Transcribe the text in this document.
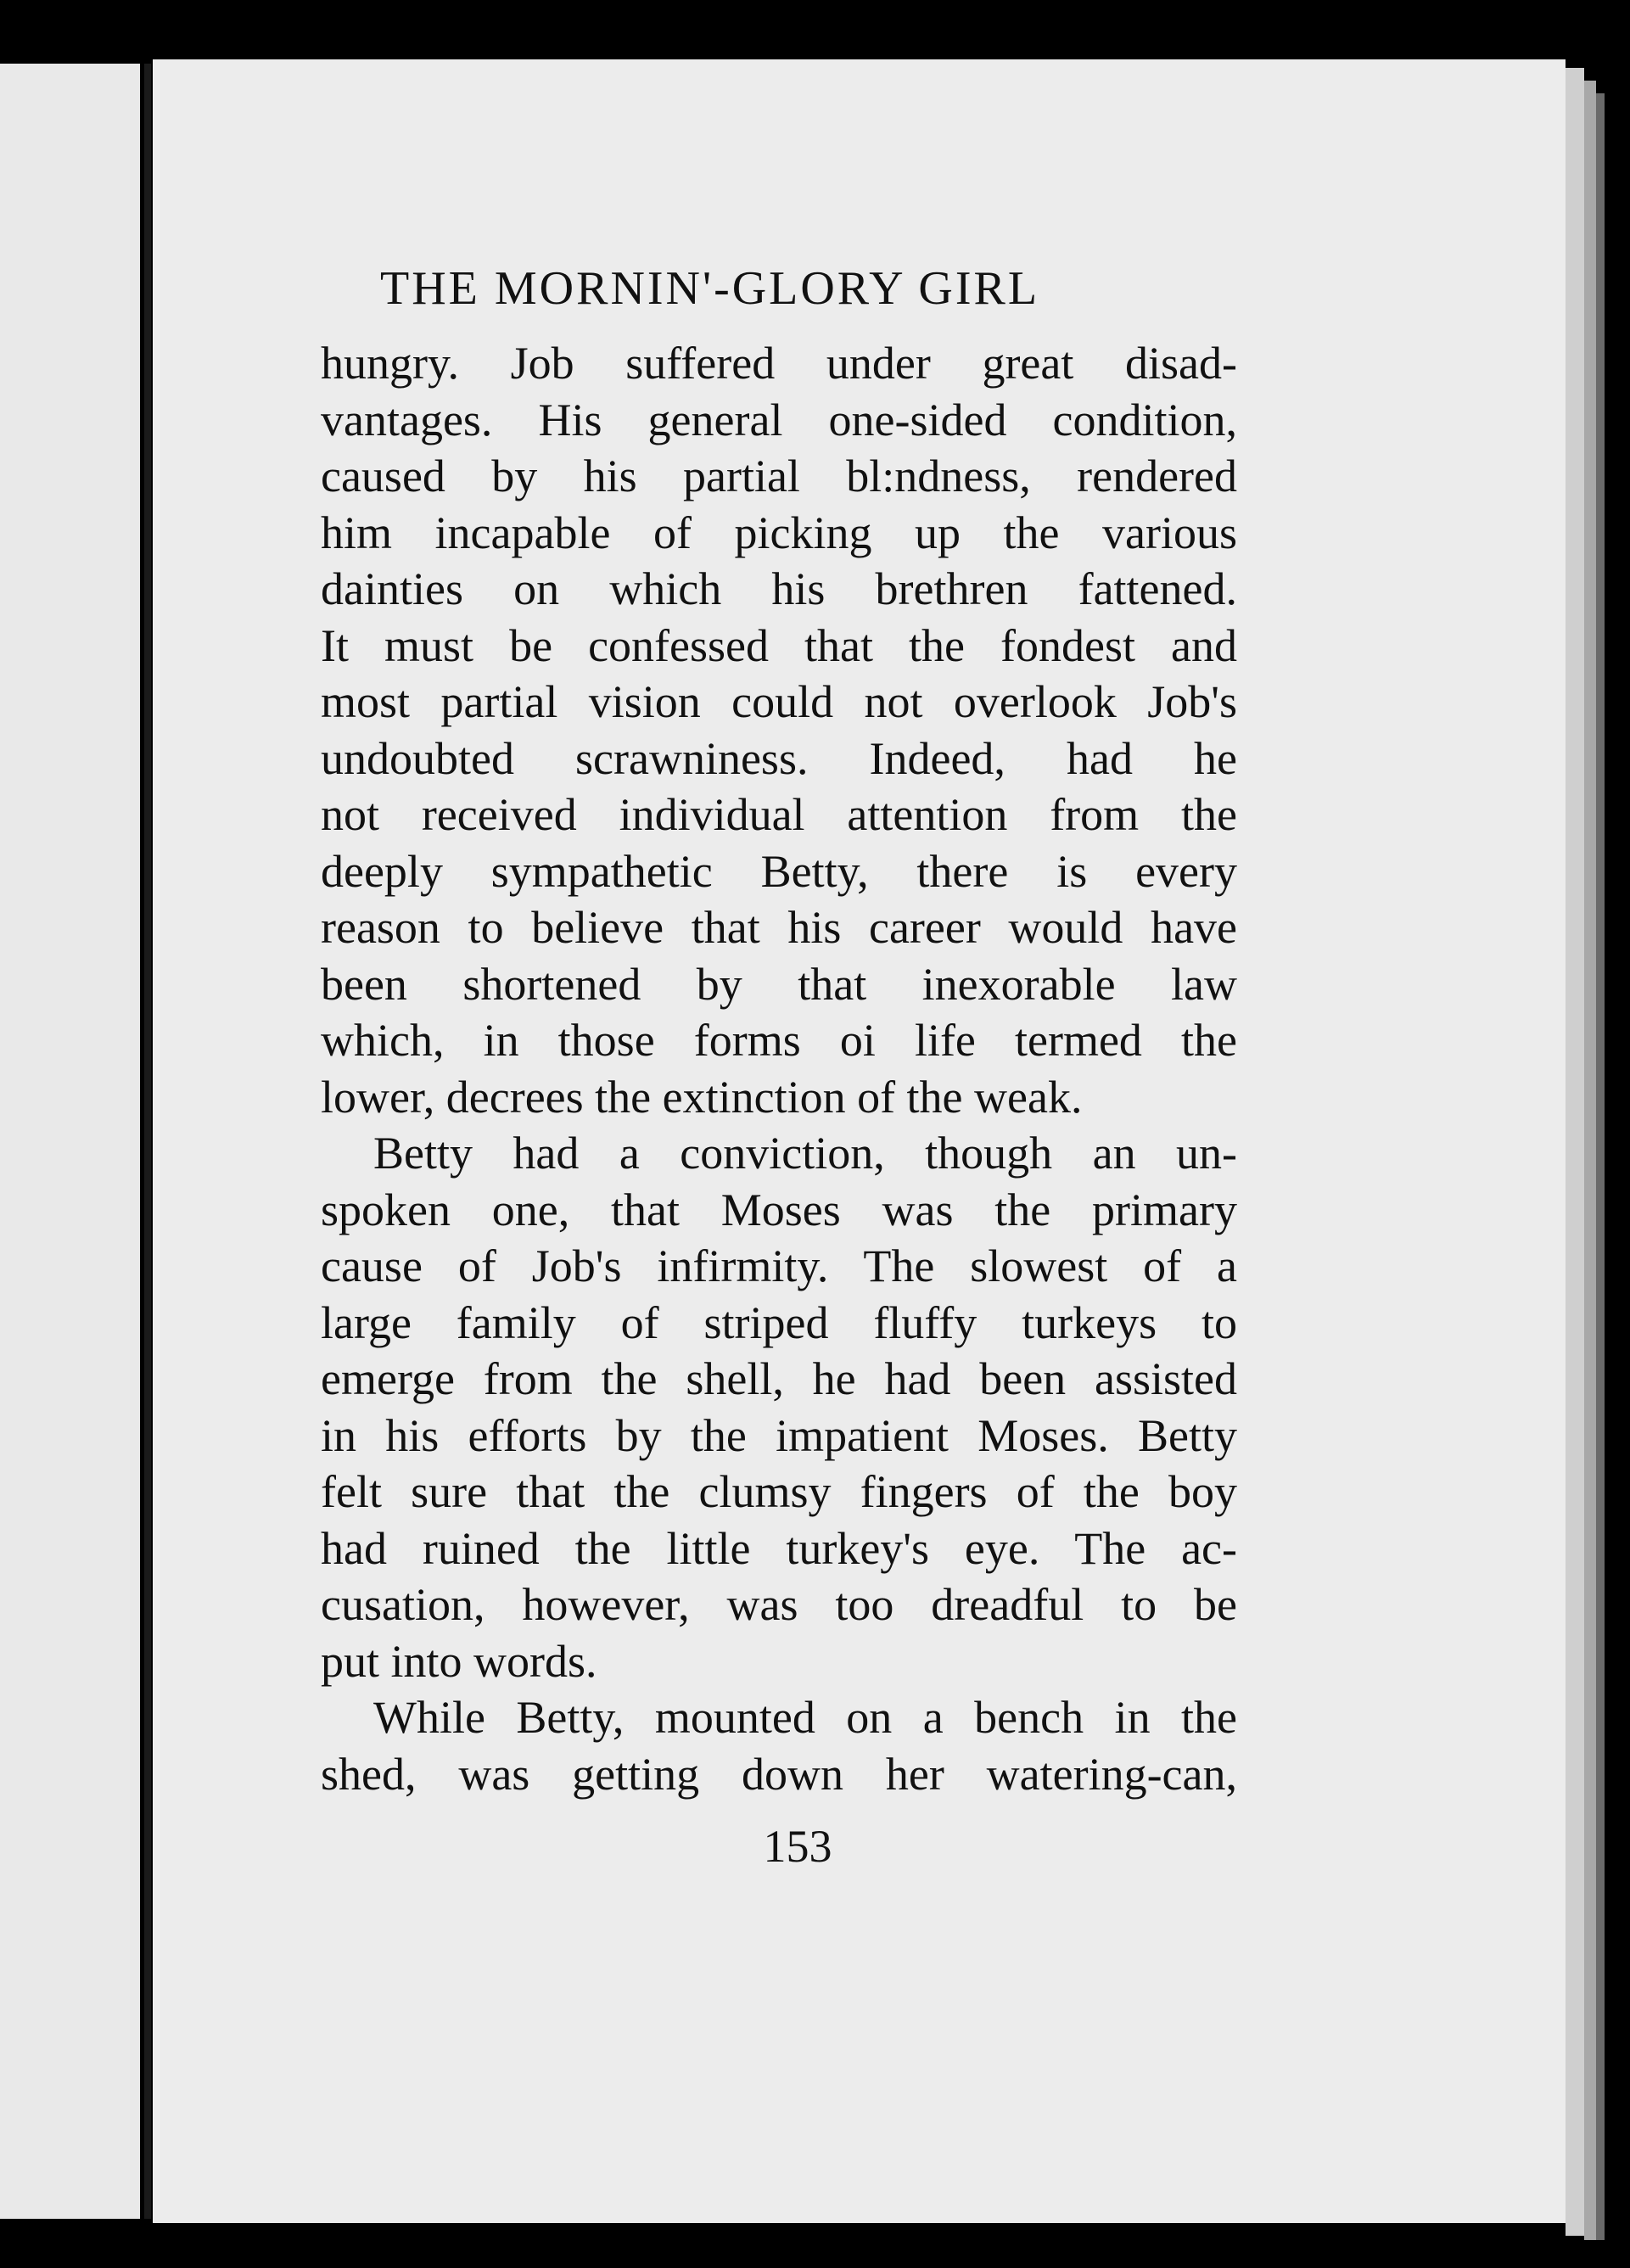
THE MORNIN'-GLORY GIRL
hungry. Job suffered under great disad-
vantages. His general one-sided condition,
caused by his partial bl:ndness, rendered
him incapable of picking up the various
dainties on which his brethren fattened.
It must be confessed that the fondest and
most partial vision could not overlook Job's
undoubted scrawniness. Indeed, had he
not received individual attention from the
deeply sympathetic Betty, there is every
reason to believe that his career would have
been shortened by that inexorable law
which, in those forms oi life termed the
lower, decrees the extinction of the weak.
Betty had a conviction, though an un-
spoken one, that Moses was the primary
cause of Job's infirmity. The slowest of a
large family of striped fluffy turkeys to
emerge from the shell, he had been assisted
in his efforts by the impatient Moses. Betty
felt sure that the clumsy fingers of the boy
had ruined the little turkey's eye. The ac-
cusation, however, was too dreadful to be
put into words.
While Betty, mounted on a bench in the
shed, was getting down her watering-can,
153
